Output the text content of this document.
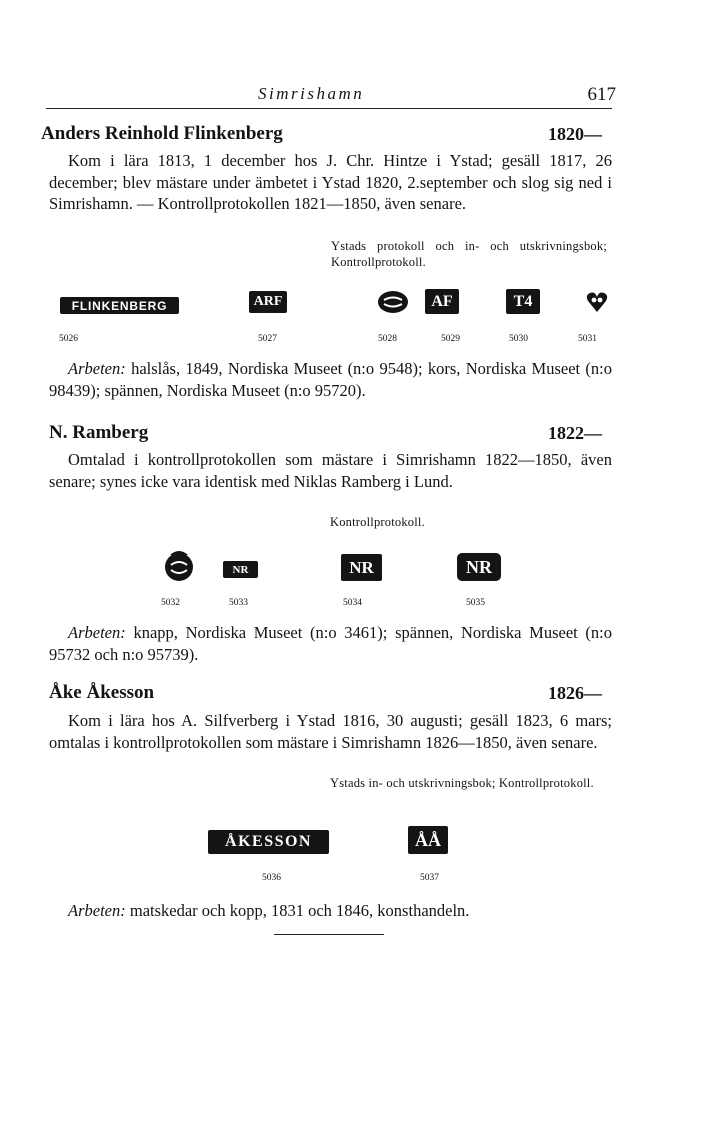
Simrishamn	617
Anders Reinhold Flinkenberg	1820—
Kom i lära 1813, 1 december hos J. Chr. Hintze i Ystad; gesäll 1817, 26 december; blev mästare under ämbetet i Ystad 1820, 2.september och slog sig ned i Simrishamn. — Kontrollprotokollen 1821—1850, även senare.
Ystads protokoll och in- och utskrivningsbok; Kontrollprotokoll.
FLINKENBERG	ARF	AF	T4
5026	5027	5028	5029	5030	5031
Arbeten: halslås, 1849, Nordiska Museet (n:o 9548); kors, Nordiska Museet (n:o 98439); spännen, Nordiska Museet (n:o 95720).
N. Ramberg	1822—
Omtalad i kontrollprotokollen som mästare i Simrishamn 1822—1850, även senare; synes icke vara identisk med Niklas Ramberg i Lund.
Kontrollprotokoll.
NR	NR	NR
5032	5033	5034	5035
Arbeten: knapp, Nordiska Museet (n:o 3461); spännen, Nordiska Museet (n:o 95732 och n:o 95739).
Åke Åkesson	1826—
Kom i lära hos A. Silfverberg i Ystad 1816, 30 augusti; gesäll 1823, 6 mars; omtalas i kontrollprotokollen som mästare i Simrishamn 1826—1850, även senare.
Ystads in- och utskrivningsbok; Kontrollprotokoll.
ÅKESSON	ÅÅ
5036	5037
Arbeten: matskedar och kopp, 1831 och 1846, konsthandeln.
